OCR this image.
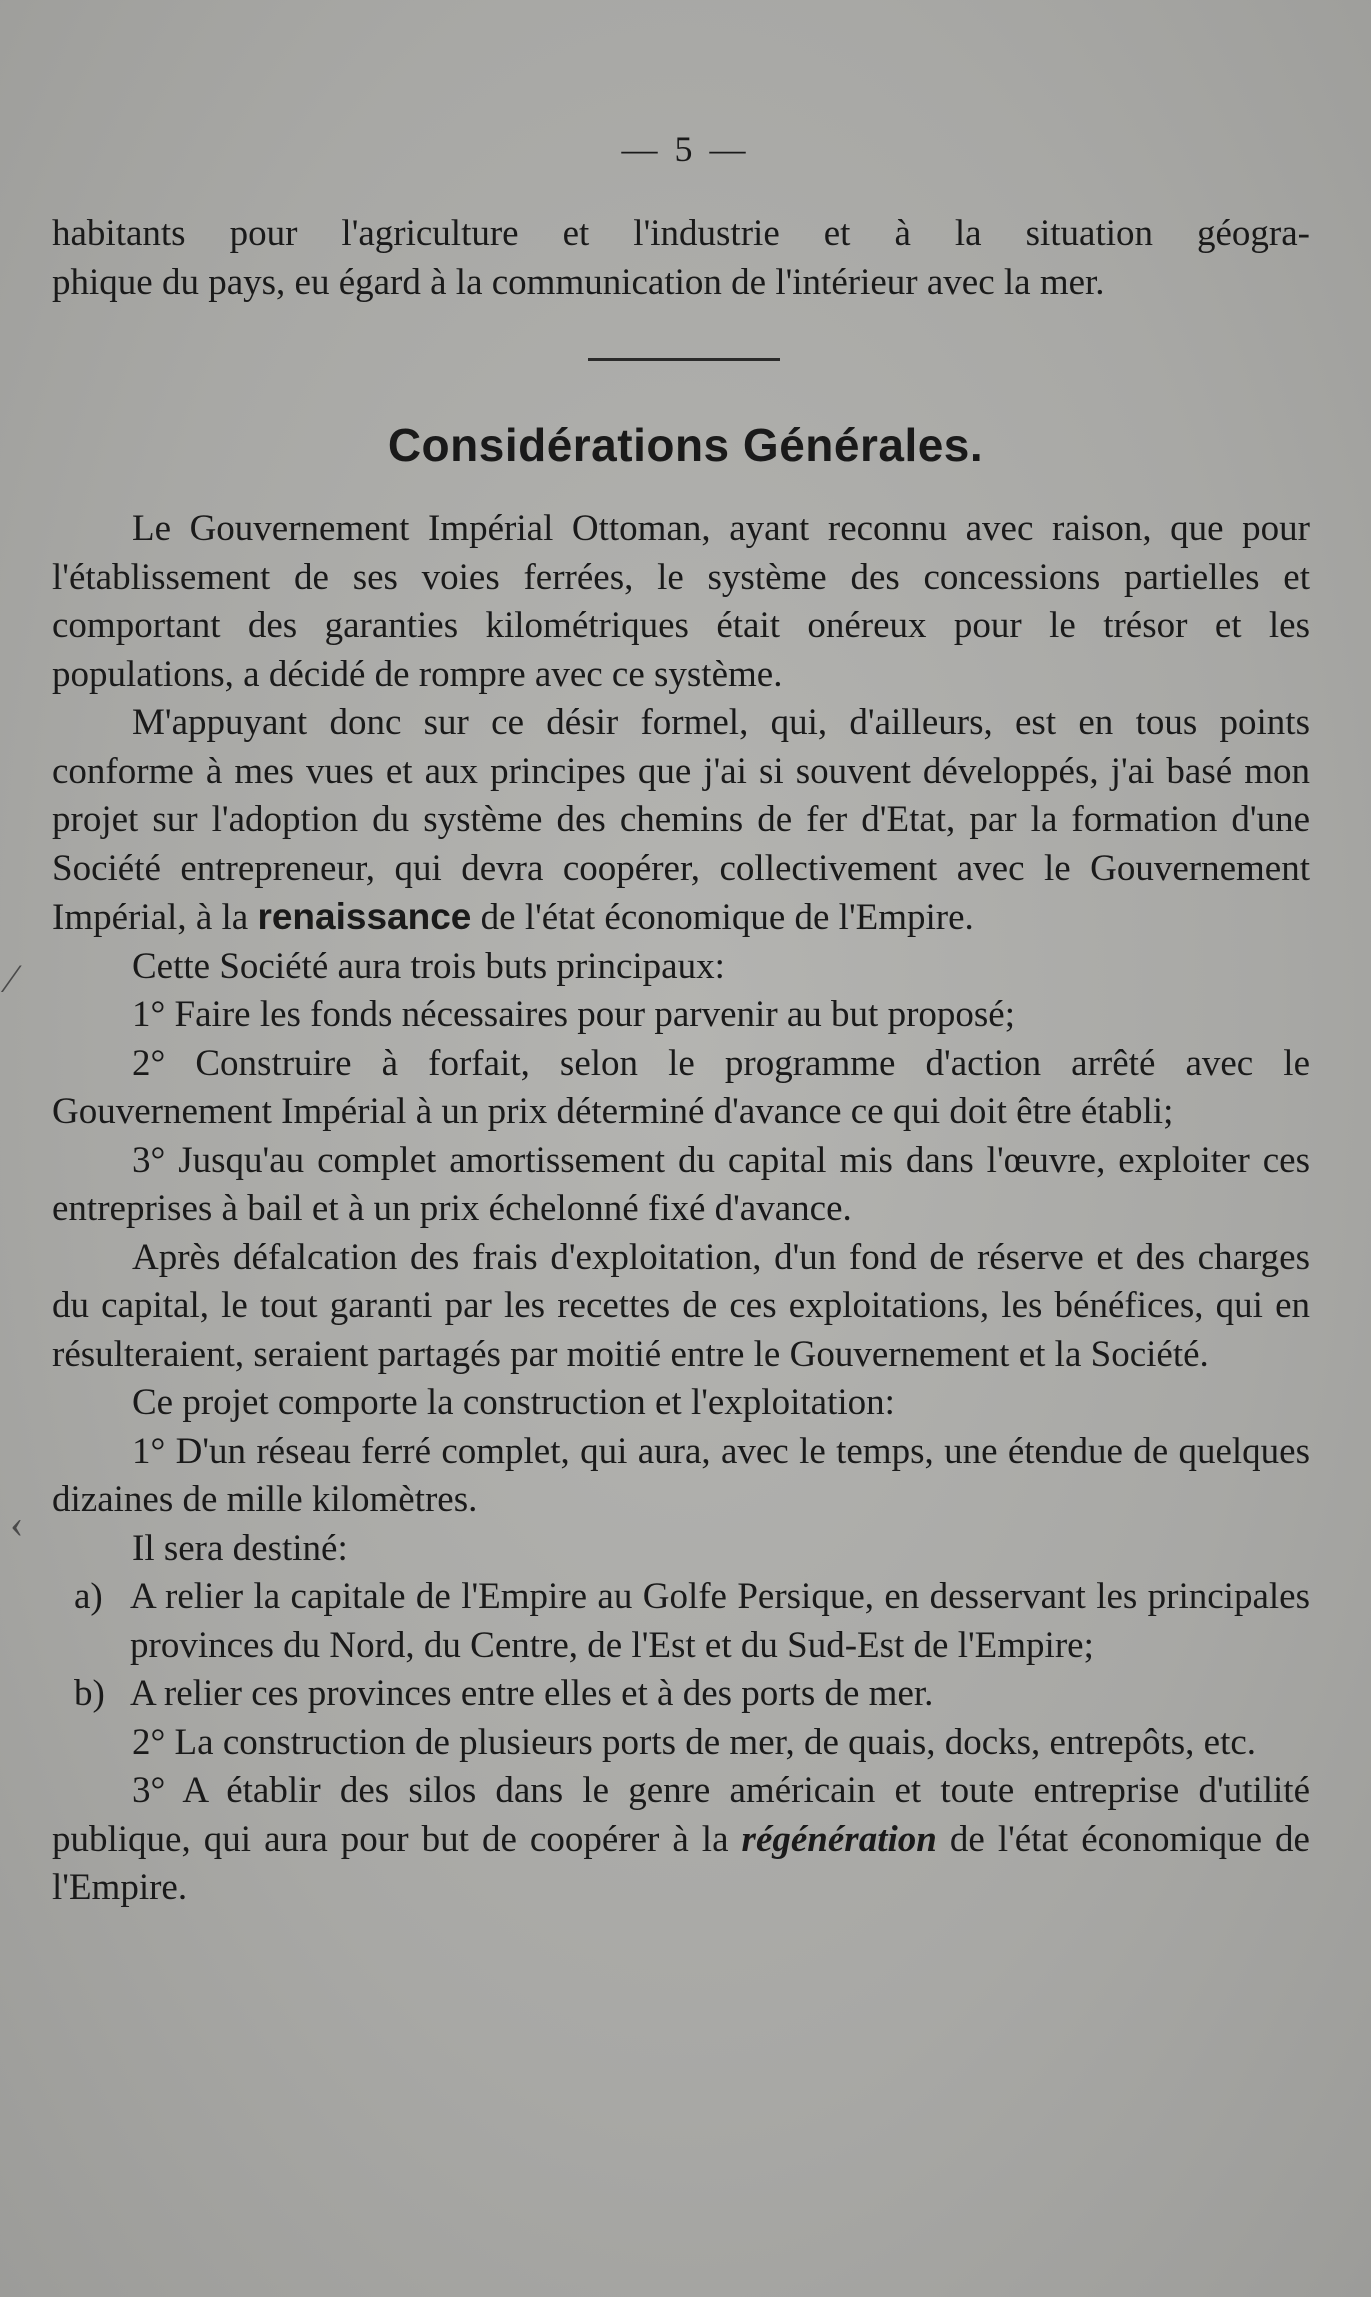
— 5 —

habitants pour l'agriculture et l'industrie et à la situation géogra-

phique du pays, eu égard à la communication de l'intérieur avec la mer.

Considérations Générales.

Le Gouvernement Impérial Ottoman, ayant reconnu avec raison, que pour l'établissement de ses voies ferrées, le système des concessions partielles et comportant des garanties kilométriques était onéreux pour le trésor et les populations, a décidé de rompre avec ce système.

M'appuyant donc sur ce désir formel, qui, d'ailleurs, est en tous points conforme à mes vues et aux principes que j'ai si souvent développés, j'ai basé mon projet sur l'adoption du système des chemins de fer d'Etat, par la formation d'une Société entrepreneur, qui devra coopérer, collectivement avec le Gouvernement Impérial, à la renaissance de l'état économique de l'Empire.

Cette Société aura trois buts principaux:

1° Faire les fonds nécessaires pour parvenir au but proposé;

2° Construire à forfait, selon le programme d'action arrêté avec le Gouvernement Impérial à un prix déterminé d'avance ce qui doit être établi;

3° Jusqu'au complet amortissement du capital mis dans l'œuvre, exploiter ces entreprises à bail et à un prix échelonné fixé d'avance.

Après défalcation des frais d'exploitation, d'un fond de réserve et des charges du capital, le tout garanti par les recettes de ces exploitations, les bénéfices, qui en résulteraient, seraient partagés par moitié entre le Gouvernement et la Société.

Ce projet comporte la construction et l'exploitation:

1° D'un réseau ferré complet, qui aura, avec le temps, une étendue de quelques dizaines de mille kilomètres.

Il sera destiné:

a) A relier la capitale de l'Empire au Golfe Persique, en desservant les principales provinces du Nord, du Centre, de l'Est et du Sud-Est de l'Empire;
b) A relier ces provinces entre elles et à des ports de mer.

2° La construction de plusieurs ports de mer, de quais, docks, entrepôts, etc.

3° A établir des silos dans le genre américain et toute entreprise d'utilité publique, qui aura pour but de coopérer à la régénération de l'état économique de l'Empire.

⁄
‹
